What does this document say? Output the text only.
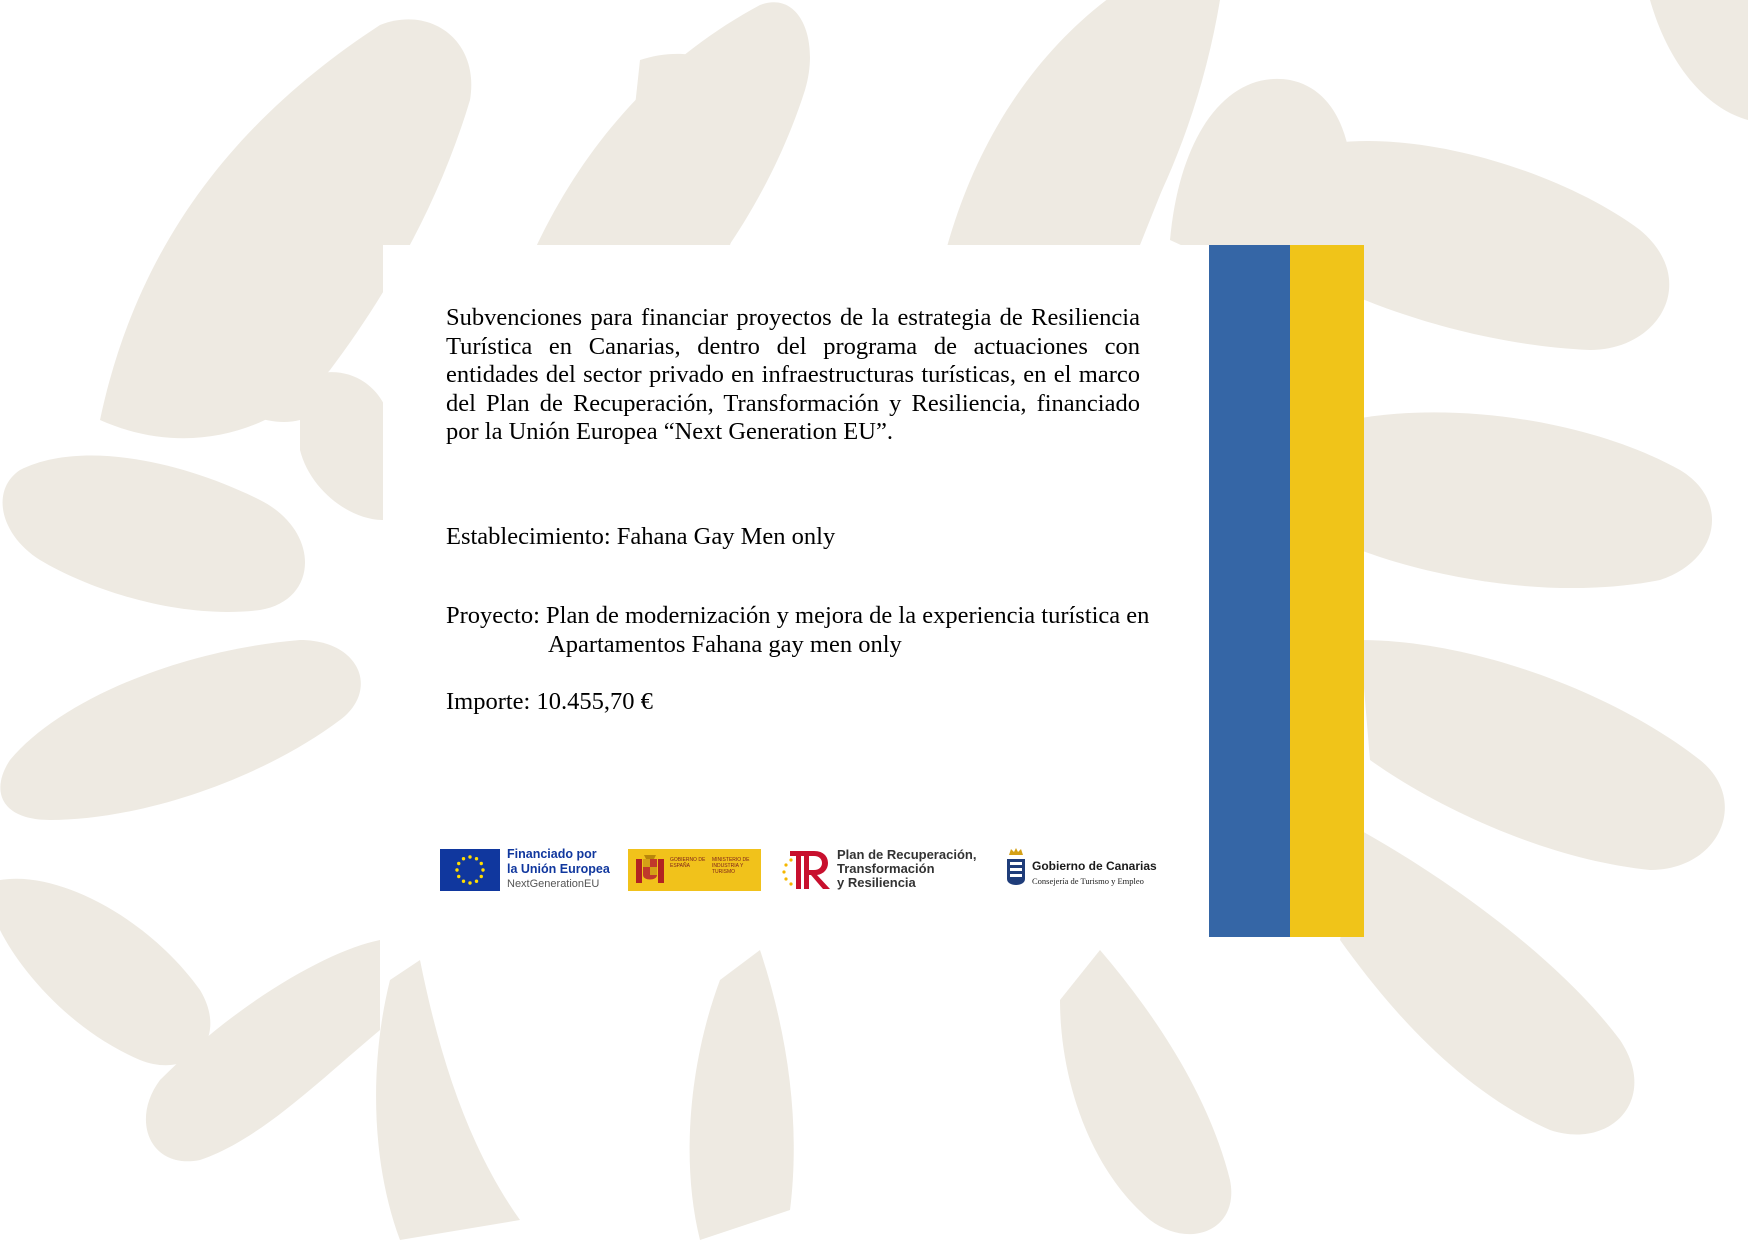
Subvenciones para financiar proyectos de la estrategia de Resiliencia Turística en Canarias, dentro del programa de actuaciones con entidades del sector privado en infraestructuras turísticas, en el marco del Plan de Recuperación, Transformación y Resiliencia, financiado por la Unión Europea “Next Generation EU”.
Establecimiento: Fahana Gay Men only
Proyecto: Plan de modernización y mejora de la experiencia turística en
Apartamentos Fahana gay men only
Importe: 10.455,70 €
Financiado por
la Unión Europea
NextGenerationEU
GOBIERNO DE ESPAÑA
MINISTERIO DE INDUSTRIA Y TURISMO
Plan de Recuperación,
Transformación
y Resiliencia
Gobierno de Canarias
Consejería de Turismo y Empleo
